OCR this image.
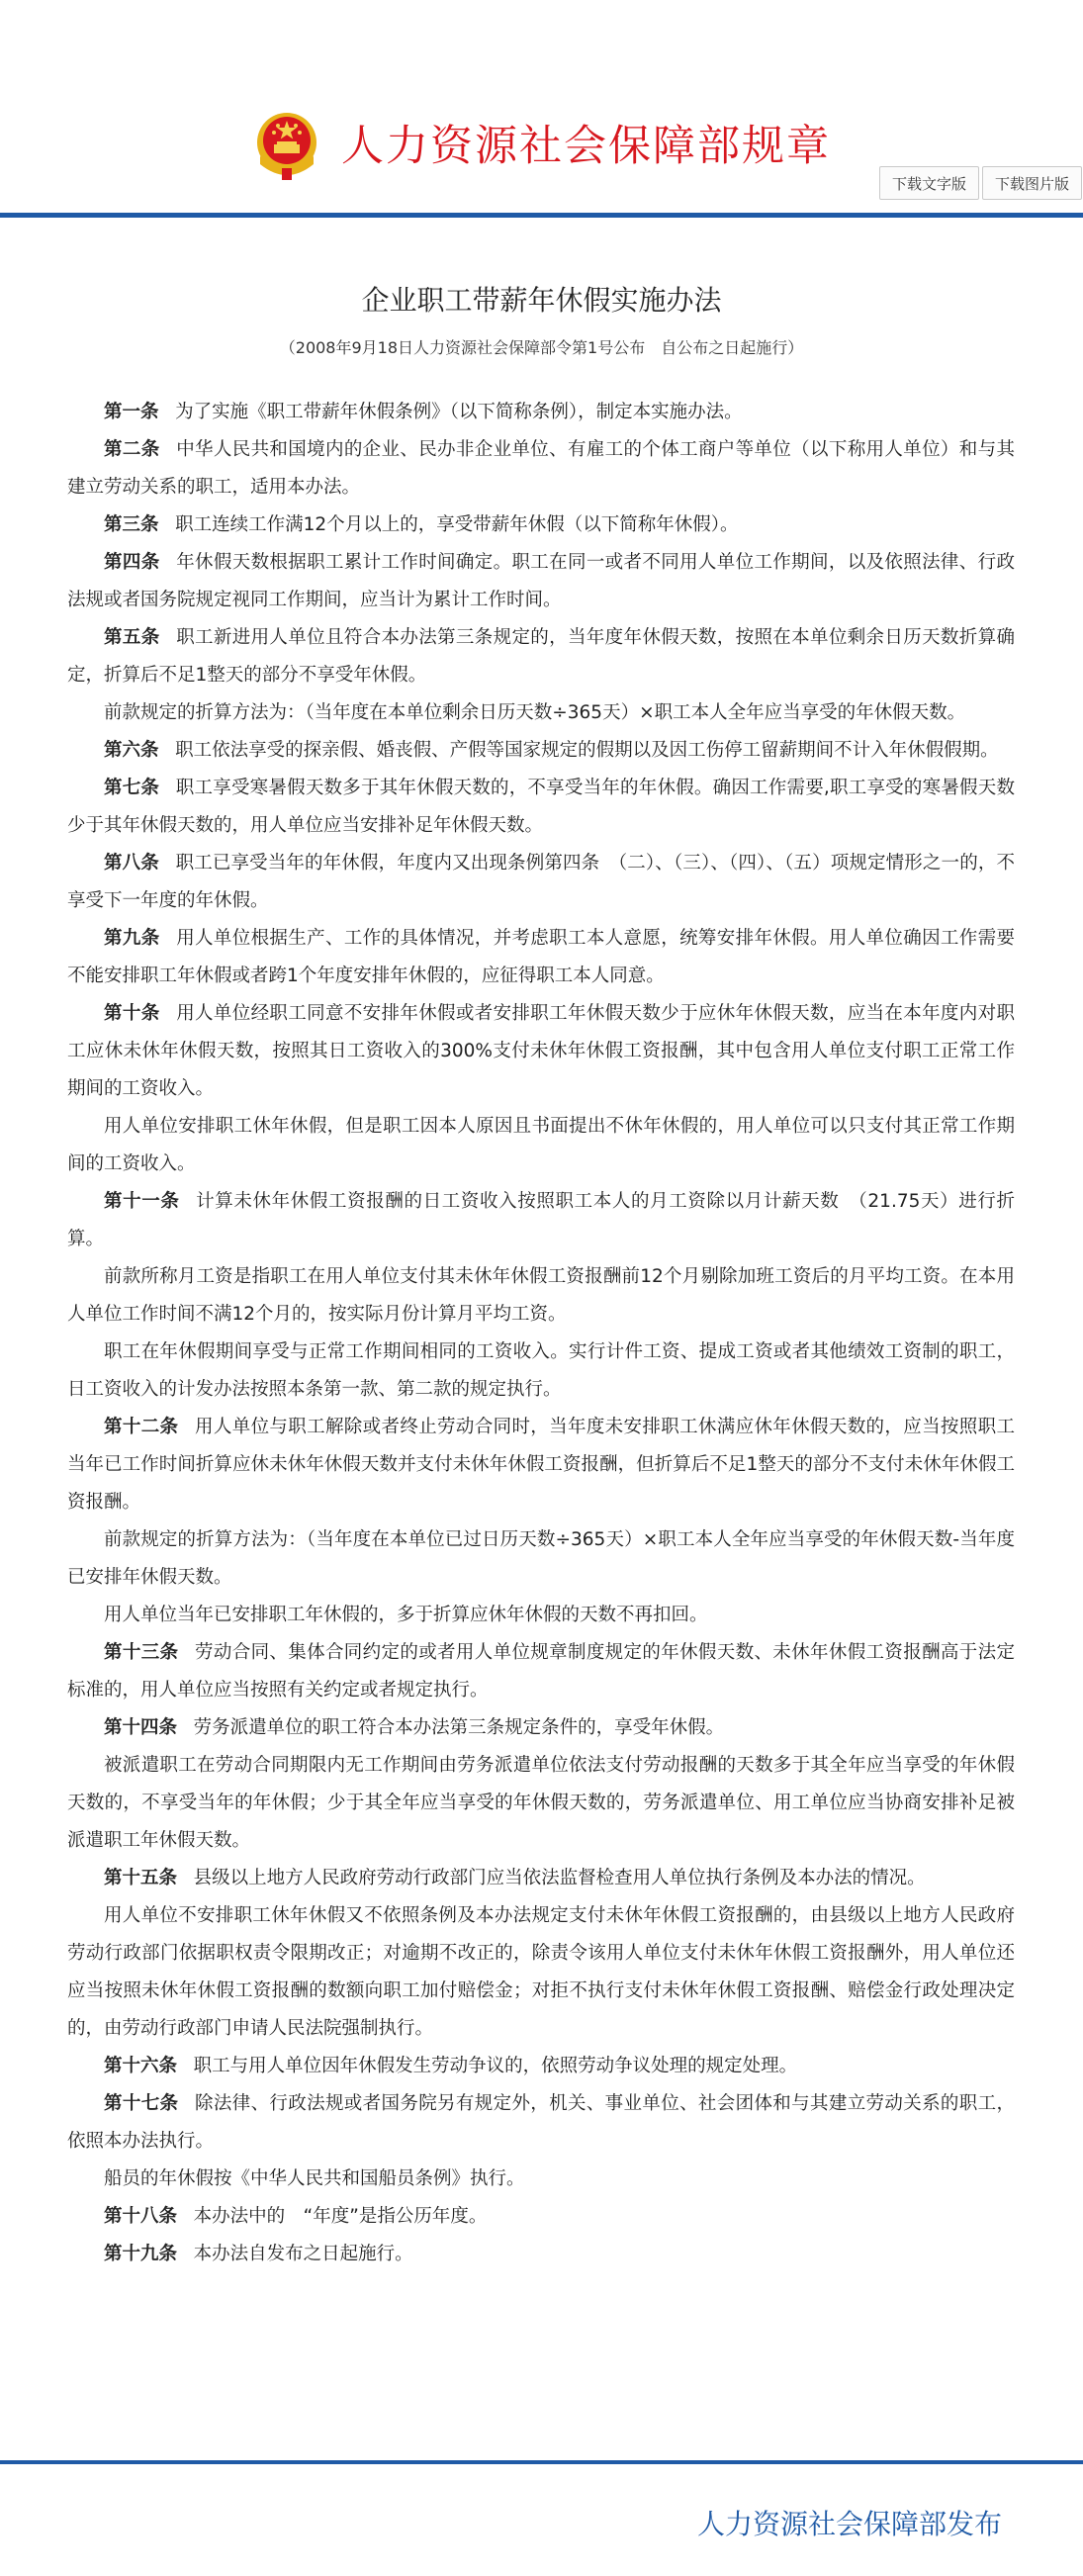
人力资源社会保障部规章
下载文字版	下载图片版
企业职工带薪年休假实施办法
（2008年9月18日人力资源社会保障部令第1号公布　自公布之日起施行）

第一条 为了实施《职工带薪年休假条例》（以下简称条例），制定本实施办法。

第二条 中华人民共和国境内的企业、民办非企业单位、有雇工的个体工商户等单位（以下称用人单位）和与其建立劳动关系的职工，适用本办法。

第三条 职工连续工作满12个月以上的，享受带薪年休假（以下简称年休假）。

第四条 年休假天数根据职工累计工作时间确定。职工在同一或者不同用人单位工作期间，以及依照法律、行政法规或者国务院规定视同工作期间，应当计为累计工作时间。

第五条 职工新进用人单位且符合本办法第三条规定的，当年度年休假天数，按照在本单位剩余日历天数折算确定，折算后不足1整天的部分不享受年休假。

前款规定的折算方法为：（当年度在本单位剩余日历天数÷365天）×职工本人全年应当享受的年休假天数。

第六条 职工依法享受的探亲假、婚丧假、产假等国家规定的假期以及因工伤停工留薪期间不计入年休假假期。

第七条 职工享受寒暑假天数多于其年休假天数的，不享受当年的年休假。确因工作需要,职工享受的寒暑假天数少于其年休假天数的，用人单位应当安排补足年休假天数。

第八条 职工已享受当年的年休假，年度内又出现条例第四条　（二）、（三）、（四）、（五）项规定情形之一的，不享受下一年度的年休假。

第九条 用人单位根据生产、工作的具体情况，并考虑职工本人意愿，统筹安排年休假。用人单位确因工作需要不能安排职工年休假或者跨1个年度安排年休假的，应征得职工本人同意。

第十条 用人单位经职工同意不安排年休假或者安排职工年休假天数少于应休年休假天数，应当在本年度内对职工应休未休年休假天数，按照其日工资收入的300%支付未休年休假工资报酬，其中包含用人单位支付职工正常工作期间的工资收入。

用人单位安排职工休年休假，但是职工因本人原因且书面提出不休年休假的，用人单位可以只支付其正常工作期间的工资收入。

第十一条 计算未休年休假工资报酬的日工资收入按照职工本人的月工资除以月计薪天数　（21.75天）进行折算。

前款所称月工资是指职工在用人单位支付其未休年休假工资报酬前12个月剔除加班工资后的月平均工资。在本用人单位工作时间不满12个月的，按实际月份计算月平均工资。

职工在年休假期间享受与正常工作期间相同的工资收入。实行计件工资、提成工资或者其他绩效工资制的职工，日工资收入的计发办法按照本条第一款、第二款的规定执行。

第十二条 用人单位与职工解除或者终止劳动合同时，当年度未安排职工休满应休年休假天数的，应当按照职工当年已工作时间折算应休未休年休假天数并支付未休年休假工资报酬，但折算后不足1整天的部分不支付未休年休假工资报酬。

前款规定的折算方法为：（当年度在本单位已过日历天数÷365天）×职工本人全年应当享受的年休假天数-当年度已安排年休假天数。

用人单位当年已安排职工年休假的，多于折算应休年休假的天数不再扣回。

第十三条 劳动合同、集体合同约定的或者用人单位规章制度规定的年休假天数、未休年休假工资报酬高于法定标准的，用人单位应当按照有关约定或者规定执行。

第十四条 劳务派遣单位的职工符合本办法第三条规定条件的，享受年休假。

被派遣职工在劳动合同期限内无工作期间由劳务派遣单位依法支付劳动报酬的天数多于其全年应当享受的年休假天数的，不享受当年的年休假；少于其全年应当享受的年休假天数的，劳务派遣单位、用工单位应当协商安排补足被派遣职工年休假天数。

第十五条 县级以上地方人民政府劳动行政部门应当依法监督检查用人单位执行条例及本办法的情况。

用人单位不安排职工休年休假又不依照条例及本办法规定支付未休年休假工资报酬的，由县级以上地方人民政府劳动行政部门依据职权责令限期改正；对逾期不改正的，除责令该用人单位支付未休年休假工资报酬外，用人单位还应当按照未休年休假工资报酬的数额向职工加付赔偿金；对拒不执行支付未休年休假工资报酬、赔偿金行政处理决定的，由劳动行政部门申请人民法院强制执行。

第十六条 职工与用人单位因年休假发生劳动争议的，依照劳动争议处理的规定处理。

第十七条 除法律、行政法规或者国务院另有规定外，机关、事业单位、社会团体和与其建立劳动关系的职工，依照本办法执行。

船员的年休假按《中华人民共和国船员条例》执行。

第十八条 本办法中的　“年度”是指公历年度。

第十九条 本办法自发布之日起施行。

人力资源社会保障部发布
